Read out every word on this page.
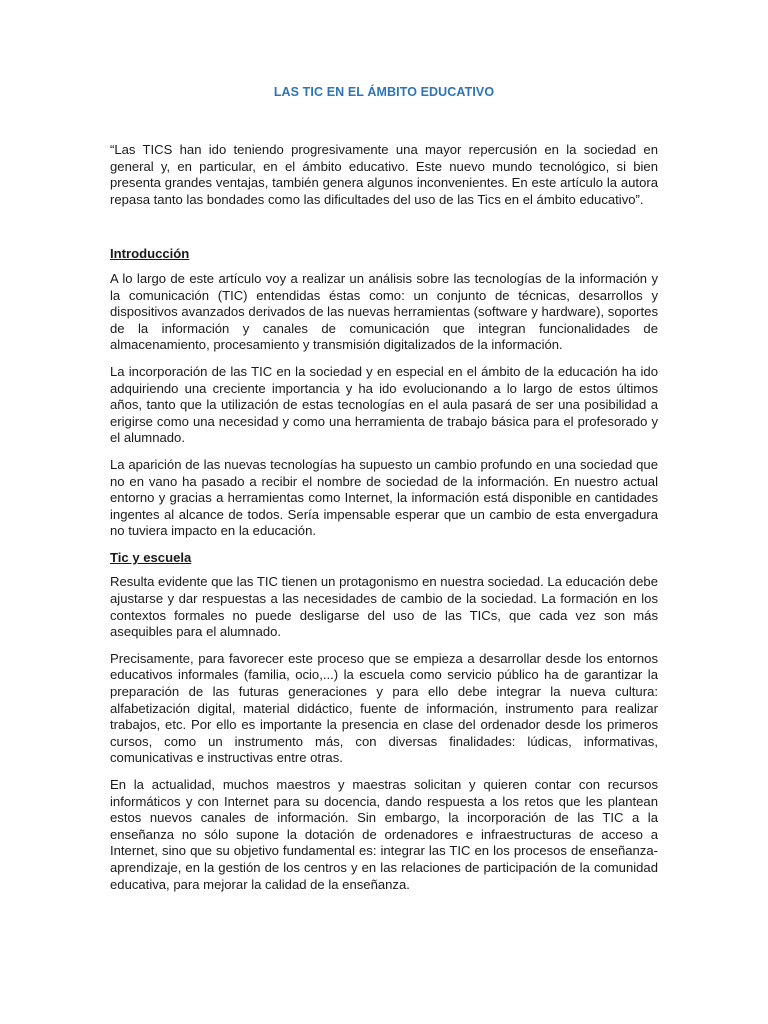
LAS TIC EN EL ÁMBITO EDUCATIVO

“Las TICS han ido teniendo progresivamente una mayor repercusión en la sociedad en general y, en particular, en el ámbito educativo. Este nuevo mundo tecnológico, si bien presenta grandes ventajas, también genera algunos inconvenientes. En este artículo la autora repasa tanto las bondades como las dificultades del uso de las Tics en el ámbito educativo”.

Introducción

A lo largo de este artículo voy a realizar un análisis sobre las tecnologías de la información y la comunicación (TIC) entendidas éstas como: un conjunto de técnicas, desarrollos y dispositivos avanzados derivados de las nuevas herramientas (software y hardware), soportes de la información y canales de comunicación que integran funcionalidades de almacenamiento, procesamiento y transmisión digitalizados de la información.

La incorporación de las TIC en la sociedad y en especial en el ámbito de la educación ha ido adquiriendo una creciente importancia y ha ido evolucionando a lo largo de estos últimos años, tanto que la utilización de estas tecnologías en el aula pasará de ser una posibilidad a erigirse como una necesidad y como una herramienta de trabajo básica para el profesorado y el alumnado.

La aparición de las nuevas tecnologías ha supuesto un cambio profundo en una sociedad que no en vano ha pasado a recibir el nombre de sociedad de la información. En nuestro actual entorno y gracias a herramientas como Internet, la información está disponible en cantidades ingentes al alcance de todos. Sería impensable esperar que un cambio de esta envergadura no tuviera impacto en la educación.

Tic y escuela

Resulta evidente que las TIC tienen un protagonismo en nuestra sociedad. La educación debe ajustarse y dar respuestas a las necesidades de cambio de la sociedad. La formación en los contextos formales no puede desligarse del uso de las TICs, que cada vez son más asequibles para el alumnado.

Precisamente, para favorecer este proceso que se empieza a desarrollar desde los entornos educativos informales (familia, ocio,...) la escuela como servicio público ha de garantizar la preparación de las futuras generaciones y para ello debe integrar la nueva cultura: alfabetización digital, material didáctico, fuente de información, instrumento para realizar trabajos, etc. Por ello es importante la presencia en clase del ordenador desde los primeros cursos, como un instrumento más, con diversas finalidades: lúdicas, informativas, comunicativas e instructivas entre otras.

En la actualidad, muchos maestros y maestras solicitan y quieren contar con recursos informáticos y con Internet para su docencia, dando respuesta a los retos que les plantean estos nuevos canales de información. Sin embargo, la incorporación de las TIC a la enseñanza no sólo supone la dotación de ordenadores e infraestructuras de acceso a Internet, sino que su objetivo fundamental es: integrar las TIC en los procesos de enseñanza-aprendizaje, en la gestión de los centros y en las relaciones de participación de la comunidad educativa, para mejorar la calidad de la enseñanza.
